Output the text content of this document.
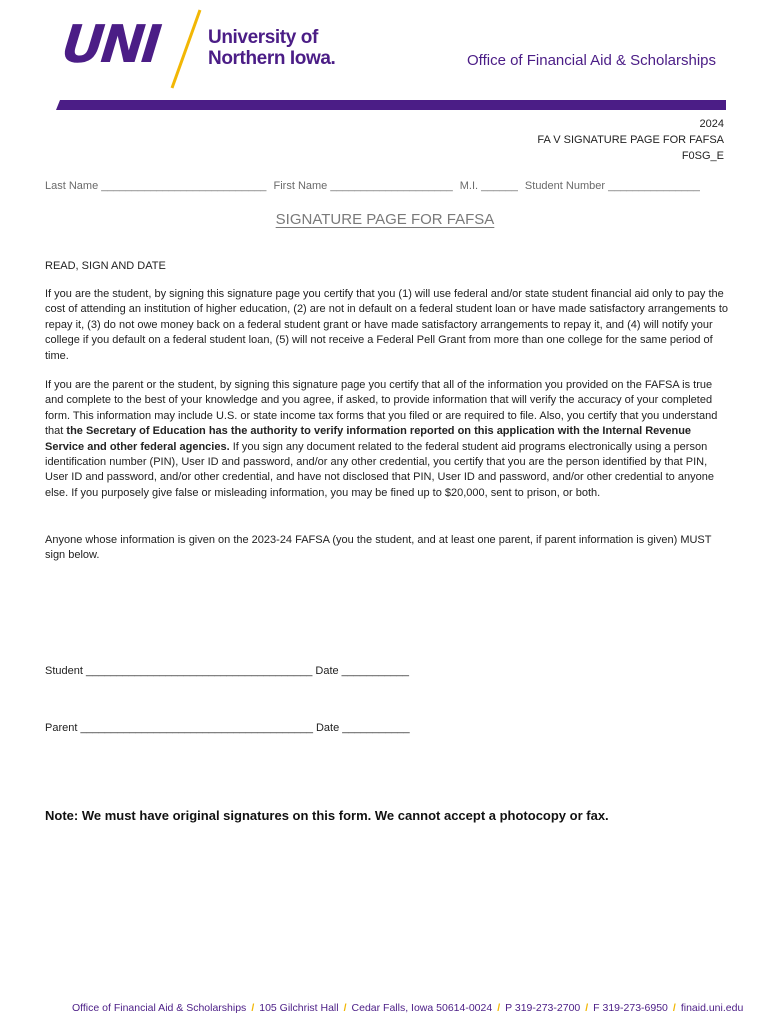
UNI	University of
Northern Iowa.	Office of Financial Aid & Scholarships
2024
FA V SIGNATURE PAGE FOR FAFSA
F0SG_E
Last Name ___________________________ First Name ____________________ M.I. ______ Student Number _______________
SIGNATURE PAGE FOR FAFSA
READ, SIGN AND DATE
If you are the student, by signing this signature page you certify that you (1) will use federal and/or state student financial aid only to pay the cost of attending an institution of higher education, (2) are not in default on a federal student loan or have made satisfactory arrangements to repay it, (3) do not owe money back on a federal student grant or have made satisfactory arrangements to repay it, and (4) will notify your college if you default on a federal student loan, (5) will not receive a Federal Pell Grant from more than one college for the same period of time.
If you are the parent or the student, by signing this signature page you certify that all of the information you provided on the FAFSA is true and complete to the best of your knowledge and you agree, if asked, to provide information that will verify the accuracy of your completed form. This information may include U.S. or state income tax forms that you filed or are required to file. Also, you certify that you understand that the Secretary of Education has the authority to verify information reported on this application with the Internal Revenue Service and other federal agencies. If you sign any document related to the federal student aid programs electronically using a person identification number (PIN), User ID and password, and/or any other credential, you certify that you are the person identified by that PIN, User ID and password, and/or other credential, and have not disclosed that PIN, User ID and password, and/or other credential to anyone else. If you purposely give false or misleading information, you may be fined up to $20,000, sent to prison, or both.
Anyone whose information is given on the 2023-24 FAFSA (you the student, and at least one parent, if parent information is given) MUST sign below.
Student _____________________________________ Date ___________
Parent ______________________________________ Date ___________
Note: We must have original signatures on this form. We cannot accept a photocopy or fax.
Office of Financial Aid & Scholarships / 105 Gilchrist Hall / Cedar Falls, Iowa 50614-0024 / P 319-273-2700 / F 319-273-6950 / finaid.uni.edu
